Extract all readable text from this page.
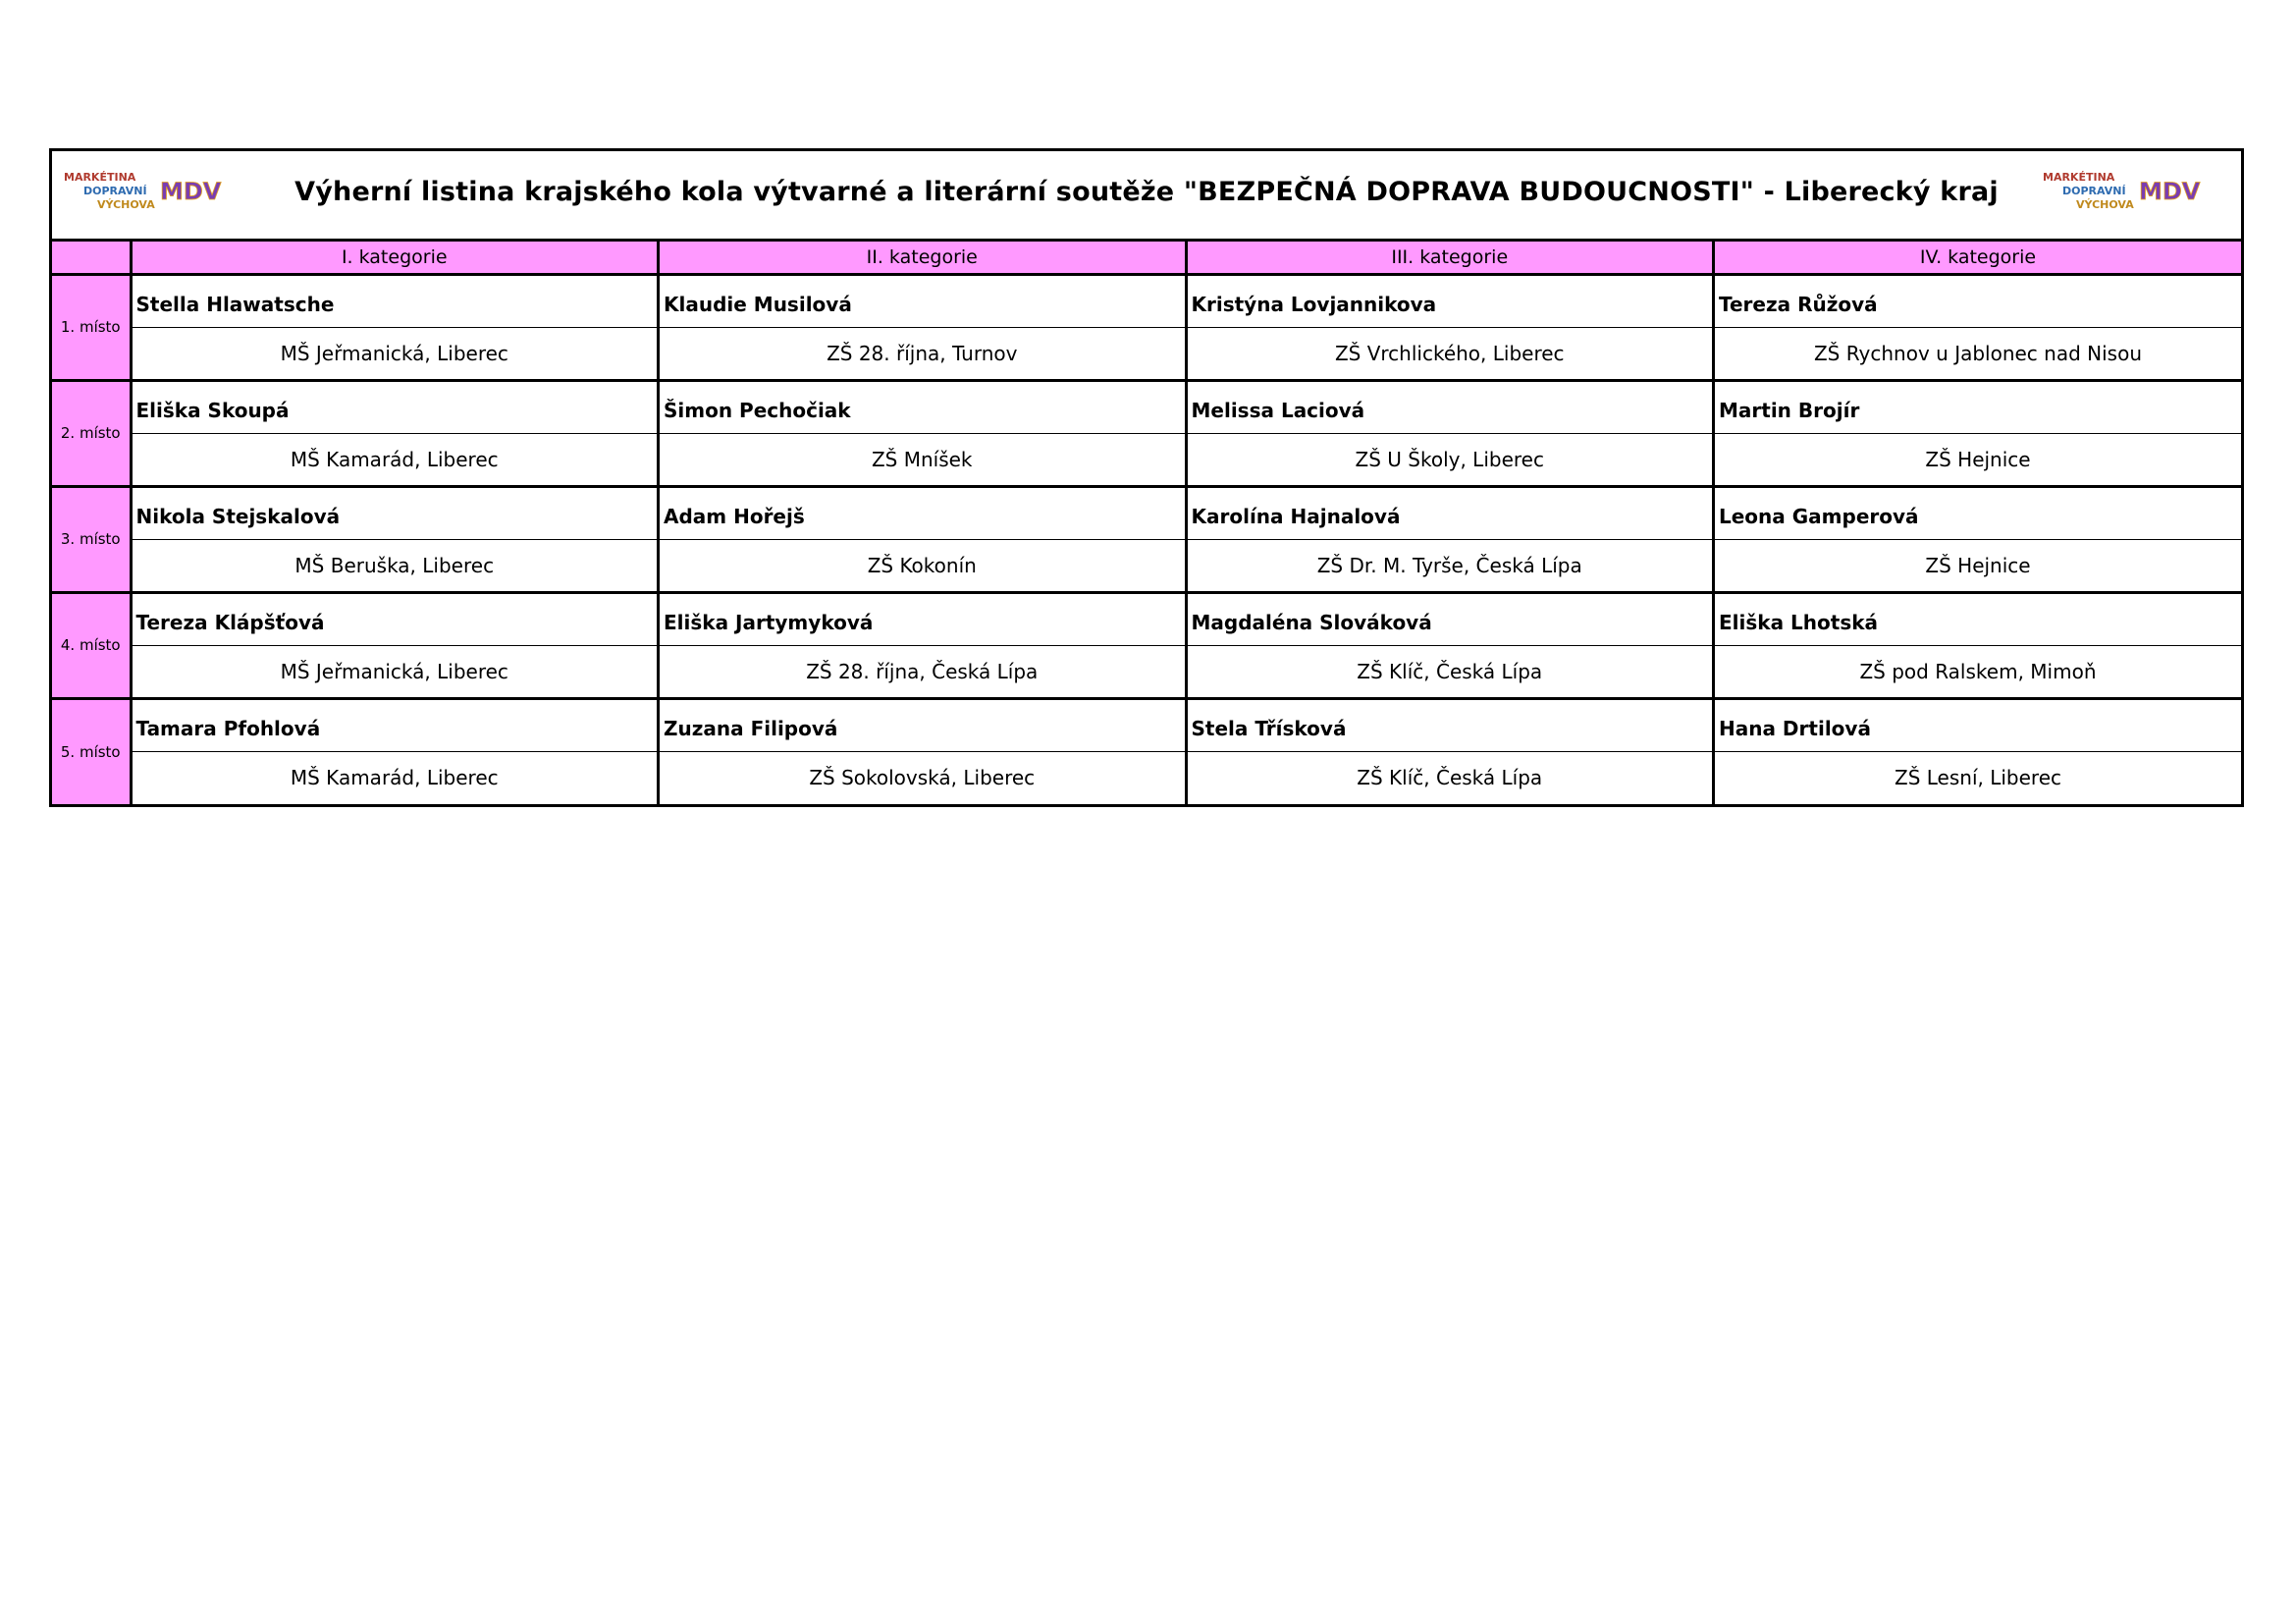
MARKÉTINA
DOPRAVNÍ
VÝCHOVA MDV	Výherní listina krajského kola výtvarné a literární soutěže "BEZPEČNÁ DOPRAVA BUDOUCNOSTI" - Liberecký kraj	MARKÉTINA
DOPRAVNÍ
VÝCHOVA MDV
	I. kategorie	II. kategorie	III. kategorie	IV. kategorie
1. místo	Stella Hlawatsche	Klaudie Musilová	Kristýna Lovjannikova	Tereza Růžová
	MŠ Jeřmanická, Liberec	ZŠ 28. října, Turnov	ZŠ Vrchlického, Liberec	ZŠ Rychnov u Jablonec nad Nisou
2. místo	Eliška Skoupá	Šimon Pechočiak	Melissa Laciová	Martin Brojír
	MŠ Kamarád, Liberec	ZŠ Mníšek	ZŠ U Školy, Liberec	ZŠ Hejnice
3. místo	Nikola Stejskalová	Adam Hořejš	Karolína Hajnalová	Leona Gamperová
	MŠ Beruška, Liberec	ZŠ Kokonín	ZŠ Dr. M. Tyrše, Česká Lípa	ZŠ Hejnice
4. místo	Tereza Klápšťová	Eliška Jartymyková	Magdaléna Slováková	Eliška Lhotská
	MŠ Jeřmanická, Liberec	ZŠ 28. října, Česká Lípa	ZŠ Klíč, Česká Lípa	ZŠ pod Ralskem, Mimoň
5. místo	Tamara Pfohlová	Zuzana Filipová	Stela Třísková	Hana Drtilová
	MŠ Kamarád, Liberec	ZŠ Sokolovská, Liberec	ZŠ Klíč, Česká Lípa	ZŠ Lesní, Liberec
